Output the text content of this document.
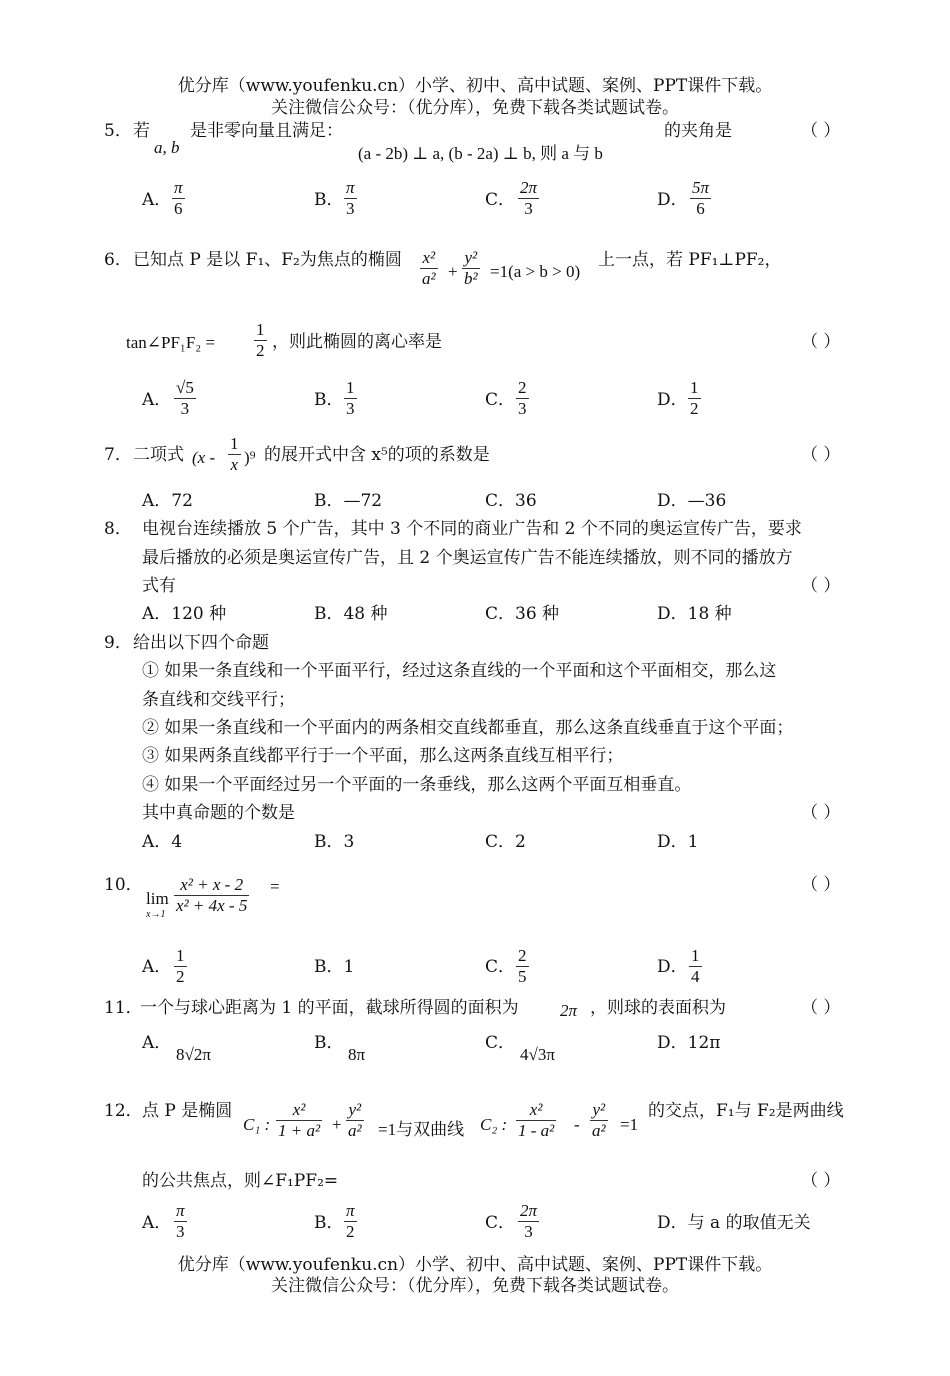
优分库（www.youfenku.cn）小学、初中、高中试题、案例、PPT课件下载。
关注微信公众号：（优分库），免费下载各类试题试卷。
5． 若
a, b
是非零向量且满足：
(a - 2b) ⊥ a, (b - 2a) ⊥ b, 则 a 与 b
的夹角是	（ ）
A． $\frac{\pi}{6}$	B． $\frac{\pi}{3}$	C． $\frac{2\pi}{3}$	D． $\frac{5\pi}{6}$
6． 已知点 P 是以 F₁、F₂为焦点的椭圆 $\frac{\text{x²}}{\text{a²}} + \frac{\text{y²}}{\text{b²}} =1(a > b > 0)$
上一点，若 PF₁⊥PF₂，
tan∠PF₁F₂ = $\frac{1}{2}$ ，则此椭圆的离心率是	（ ）
A． $\frac{√5}{3}$	B． $\frac{1}{3}$	C． $\frac{2}{3}$	D． $\frac{1}{2}$
7． 二项式 $(x - \frac{1}{x} )^9$ 的展开式中含 x⁵的项的系数是	（ ）
A．72	B．—72	C．36	D．—36
8． 电视台连续播放 5 个广告，其中 3 个不同的商业广告和 2 个不同的奥运宣传广告，要求
最后播放的必须是奥运宣传广告，且 2 个奥运宣传广告不能连续播放，则不同的播放方
式有	（ ）
A．120 种	B．48 种	C．36 种	D．18 种
9． 给出以下四个命题
① 如果一条直线和一个平面平行，经过这条直线的一个平面和这个平面相交，那么这
条直线和交线平行；
② 如果一条直线和一个平面内的两条相交直线都垂直，那么这条直线垂直于这个平面；
③ 如果两条直线都平行于一个平面，那么这两条直线互相平行；
④ 如果一个平面经过另一个平面的一条垂线，那么这两个平面互相垂直。
其中真命题的个数是	（ ）
A．4	B．3	C．2	D．1
10．
lim
$x\to 1 \frac{\text{x² + x - 2}}{\text{x² + 4x - 5}}$ =	（ ）
A． $\frac{1}{2}$	B．1	C． $\frac{2}{5}$	D． $\frac{1}{4}$
11．
一个与球心距离为 1 的平面，截球所得圆的面积为 2π ，则球的表面积为	（ ）
A．
8√2π
B．
8π
C．
4√3π
D．12π
12． 点 P 是椭圆
C₁ : $\frac{\text{x²}}{\text{1 + a²}} + \frac{\text{y²}}{\text{a²}} =1$与双曲线 C₂ : $\frac{\text{x²}}{\text{1 - a²}} - \frac{\text{y²}}{\text{a²}} =1$
的交点，F₁与 F₂是两曲线
的公共焦点，则∠F₁PF₂=	（ ）
A． $\frac{\pi}{3}$	B． $\frac{\pi}{2}$	C． $\frac{2\pi}{3}$	D．与 a 的取值无关
优分库（www.youfenku.cn）小学、初中、高中试题、案例、PPT课件下载。
关注微信公众号：（优分库），免费下载各类试题试卷。
